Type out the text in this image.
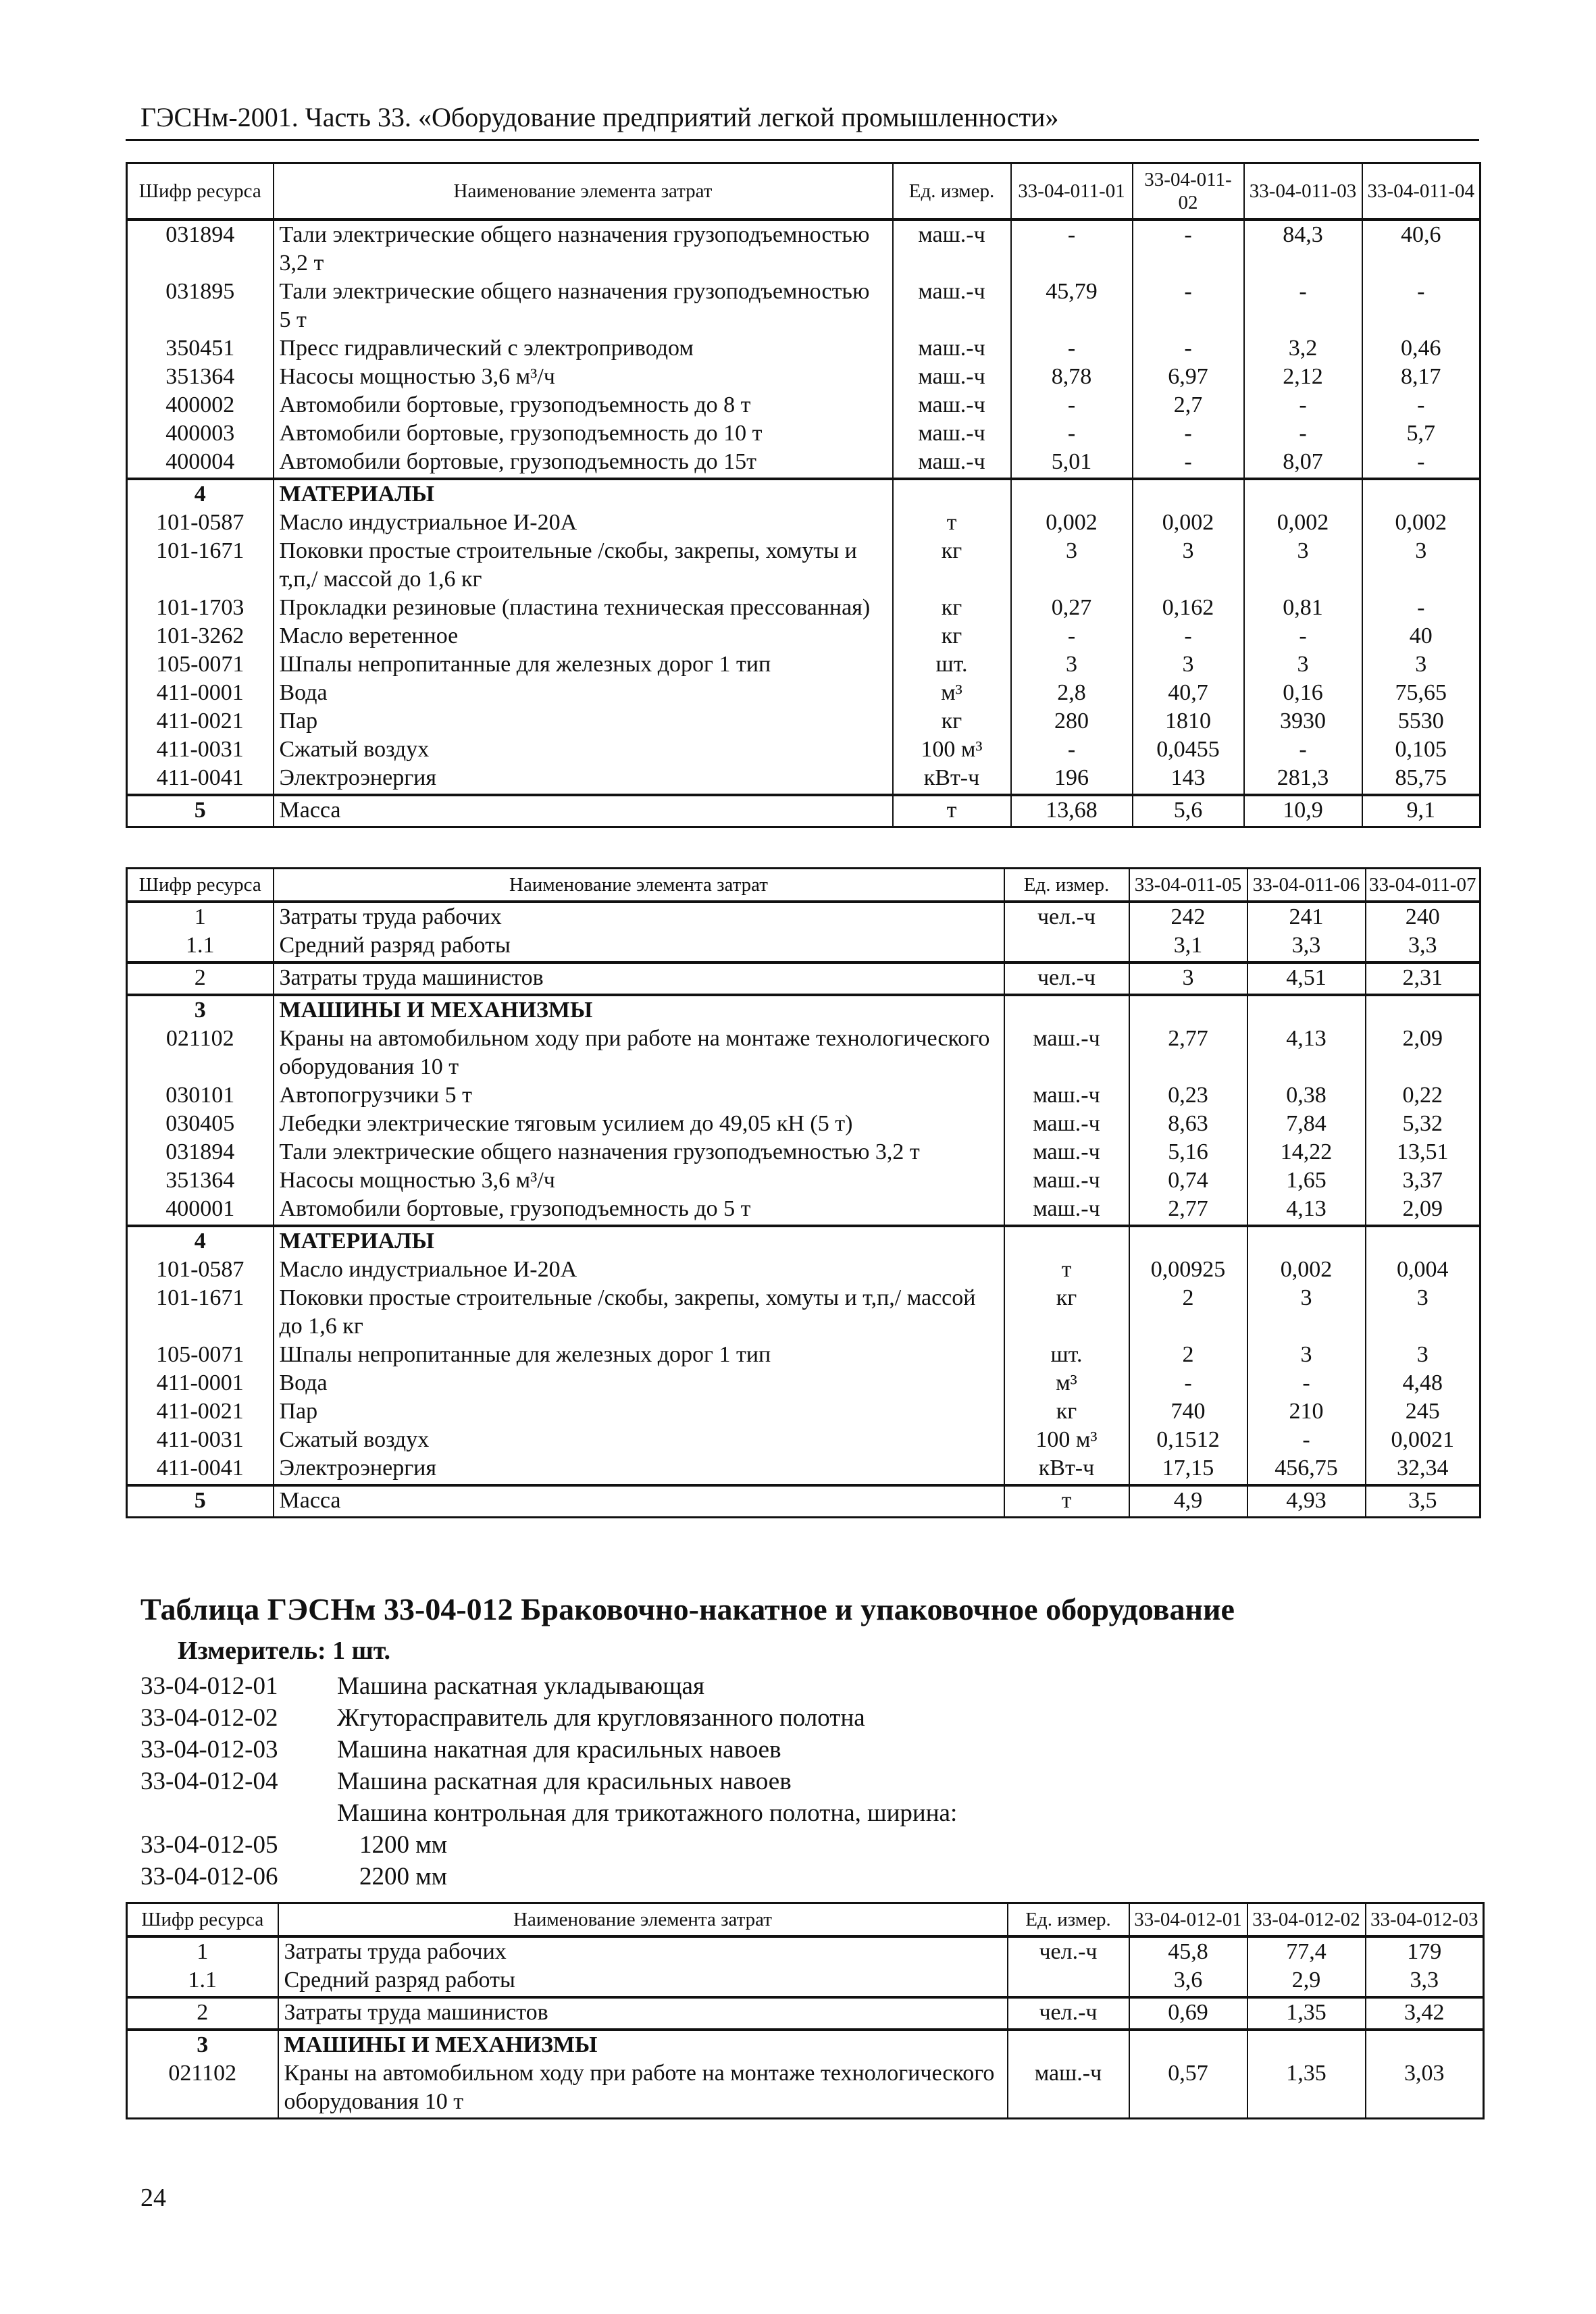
ГЭСНм-2001. Часть 33. «Оборудование предприятий легкой промышленности»
Шифр ресурса	Наименование элемента затрат	Ед. измер.	33-04-011-01	33-04-011-02	33-04-011-03	33-04-011-04
031894	Тали электрические общего назначения грузоподъемностью 3,2 т	маш.-ч	-	-	84,3	40,6
031895	Тали электрические общего назначения грузоподъемностью 5 т	маш.-ч	45,79	-	-	-
350451	Пресс гидравлический с электроприводом	маш.-ч	-	-	3,2	0,46
351364	Насосы мощностью 3,6 м³/ч	маш.-ч	8,78	6,97	2,12	8,17
400002	Автомобили бортовые, грузоподъемность до 8 т	маш.-ч	-	2,7	-	-
400003	Автомобили бортовые, грузоподъемность до 10 т	маш.-ч	-	-	-	5,7
400004	Автомобили бортовые, грузоподъемность до 15т	маш.-ч	5,01	-	8,07	-
4	МАТЕРИАЛЫ					
101-0587	Масло индустриальное И-20А	т	0,002	0,002	0,002	0,002
101-1671	Поковки простые строительные /скобы, закрепы, хомуты и т,п,/ массой до 1,6 кг	кг	3	3	3	3
101-1703	Прокладки резиновые (пластина техническая прессованная)	кг	0,27	0,162	0,81	-
101-3262	Масло веретенное	кг	-	-	-	40
105-0071	Шпалы непропитанные для железных дорог 1 тип	шт.	3	3	3	3
411-0001	Вода	м³	2,8	40,7	0,16	75,65
411-0021	Пар	кг	280	1810	3930	5530
411-0031	Сжатый воздух	100 м³	-	0,0455	-	0,105
411-0041	Электроэнергия	кВт-ч	196	143	281,3	85,75
5	Масса	т	13,68	5,6	10,9	9,1
Шифр ресурса	Наименование элемента затрат	Ед. измер.	33-04-011-05	33-04-011-06	33-04-011-07
1	Затраты труда рабочих	чел.-ч	242	241	240
1.1	Средний разряд работы		3,1	3,3	3,3
2	Затраты труда машинистов	чел.-ч	3	4,51	2,31
3	МАШИНЫ И МЕХАНИЗМЫ				
021102	Краны на автомобильном ходу при работе на монтаже технологического оборудования 10 т	маш.-ч	2,77	4,13	2,09
030101	Автопогрузчики 5 т	маш.-ч	0,23	0,38	0,22
030405	Лебедки электрические тяговым усилием до 49,05 кН (5 т)	маш.-ч	8,63	7,84	5,32
031894	Тали электрические общего назначения грузоподъемностью 3,2 т	маш.-ч	5,16	14,22	13,51
351364	Насосы мощностью 3,6 м³/ч	маш.-ч	0,74	1,65	3,37
400001	Автомобили бортовые, грузоподъемность до 5 т	маш.-ч	2,77	4,13	2,09
4	МАТЕРИАЛЫ				
101-0587	Масло индустриальное И-20А	т	0,00925	0,002	0,004
101-1671	Поковки простые строительные /скобы, закрепы, хомуты и т,п,/ массой до 1,6 кг	кг	2	3	3
105-0071	Шпалы непропитанные для железных дорог 1 тип	шт.	2	3	3
411-0001	Вода	м³	-	-	4,48
411-0021	Пар	кг	740	210	245
411-0031	Сжатый воздух	100 м³	0,1512	-	0,0021
411-0041	Электроэнергия	кВт-ч	17,15	456,75	32,34
5	Масса	т	4,9	4,93	3,5
Таблица ГЭСНм 33-04-012 Браковочно-накатное и упаковочное оборудование
Измеритель: 1 шт.
33-04-012-01 Машина раскатная укладывающая
33-04-012-02 Жгутораспрaвитель для кругловязанного полотна
33-04-012-03 Машина накатная для красильных навоев
33-04-012-04 Машина раскатная для красильных навоев
Машина контрольная для трикотажного полотна, ширина:
33-04-012-05	1200 мм
33-04-012-06	2200 мм
Шифр ресурса	Наименование элемента затрат	Ед. измер.	33-04-012-01	33-04-012-02	33-04-012-03
1	Затраты труда рабочих	чел.-ч	45,8	77,4	179
1.1	Средний разряд работы		3,6	2,9	3,3
2	Затраты труда машинистов	чел.-ч	0,69	1,35	3,42
3	МАШИНЫ И МЕХАНИЗМЫ				
021102	Краны на автомобильном ходу при работе на монтаже технологического оборудования 10 т	маш.-ч	0,57	1,35	3,03
24
